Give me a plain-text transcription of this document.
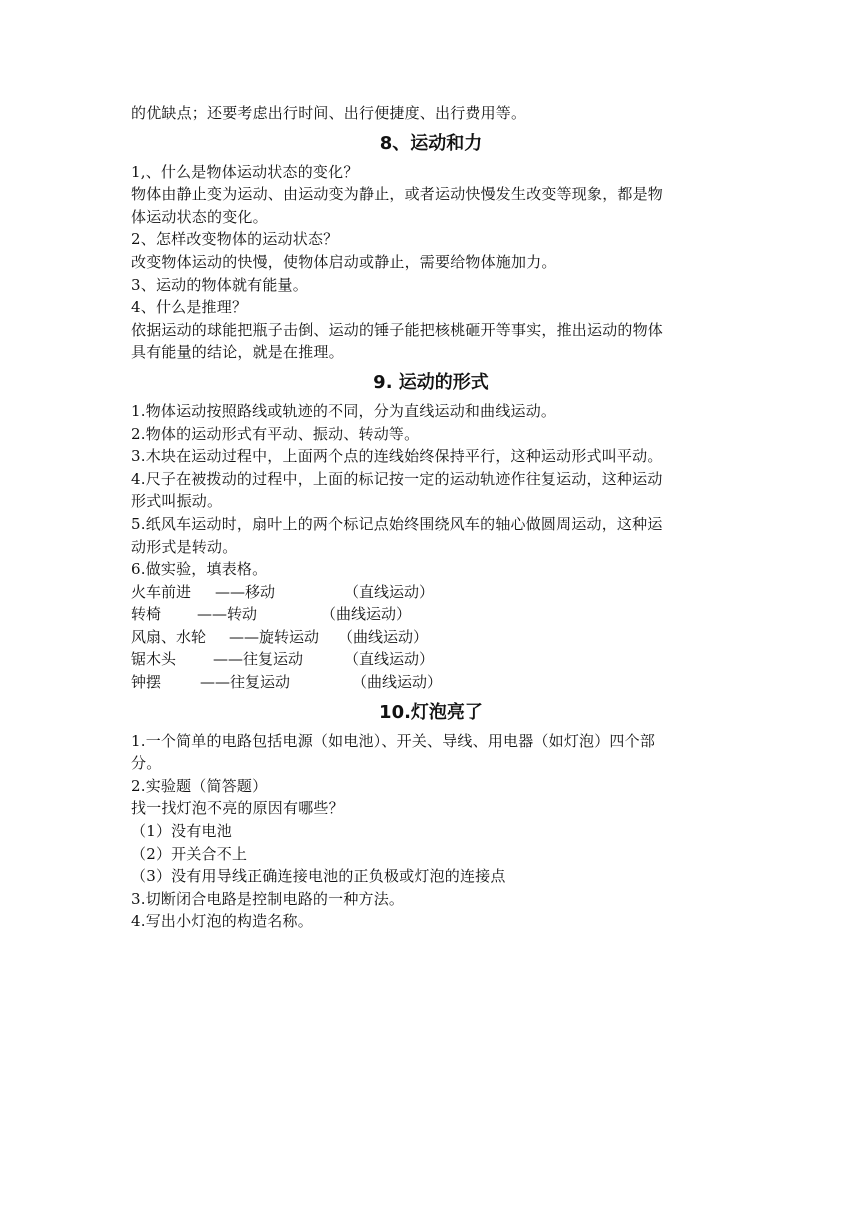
的优缺点；还要考虑出行时间、出行便捷度、出行费用等。
8、运动和力
1,、什么是物体运动状态的变化？
物体由静止变为运动、由运动变为静止，或者运动快慢发生改变等现象，都是物
体运动状态的变化。
2、怎样改变物体的运动状态？
改变物体运动的快慢，使物体启动或静止，需要给物体施加力。
3、运动的物体就有能量。
4、什么是推理？
依据运动的球能把瓶子击倒、运动的锤子能把核桃砸开等事实，推出运动的物体
具有能量的结论，就是在推理。
9. 运动的形式
1.物体运动按照路线或轨迹的不同，分为直线运动和曲线运动。
2.物体的运动形式有平动、振动、转动等。
3.木块在运动过程中，上面两个点的连线始终保持平行，这种运动形式叫平动。
4.尺子在被拨动的过程中，上面的标记按一定的运动轨迹作往复运动，这种运动
形式叫振动。
5.纸风车运动时，扇叶上的两个标记点始终围绕风车的轴心做圆周运动，这种运
动形式是转动。
6.做实验，填表格。
火车前进	——移动	（直线运动）
转椅	——转动	（曲线运动）
风扇、水轮	——旋转运动	（曲线运动）
锯木头	——往复运动	（直线运动）
钟摆	——往复运动	（曲线运动）
10.灯泡亮了
1.一个简单的电路包括电源（如电池）、开关、导线、用电器（如灯泡）四个部
分。
2.实验题（简答题）
找一找灯泡不亮的原因有哪些？
（1）没有电池
（2）开关合不上
（3）没有用导线正确连接电池的正负极或灯泡的连接点
3.切断闭合电路是控制电路的一种方法。
4.写出小灯泡的构造名称。
